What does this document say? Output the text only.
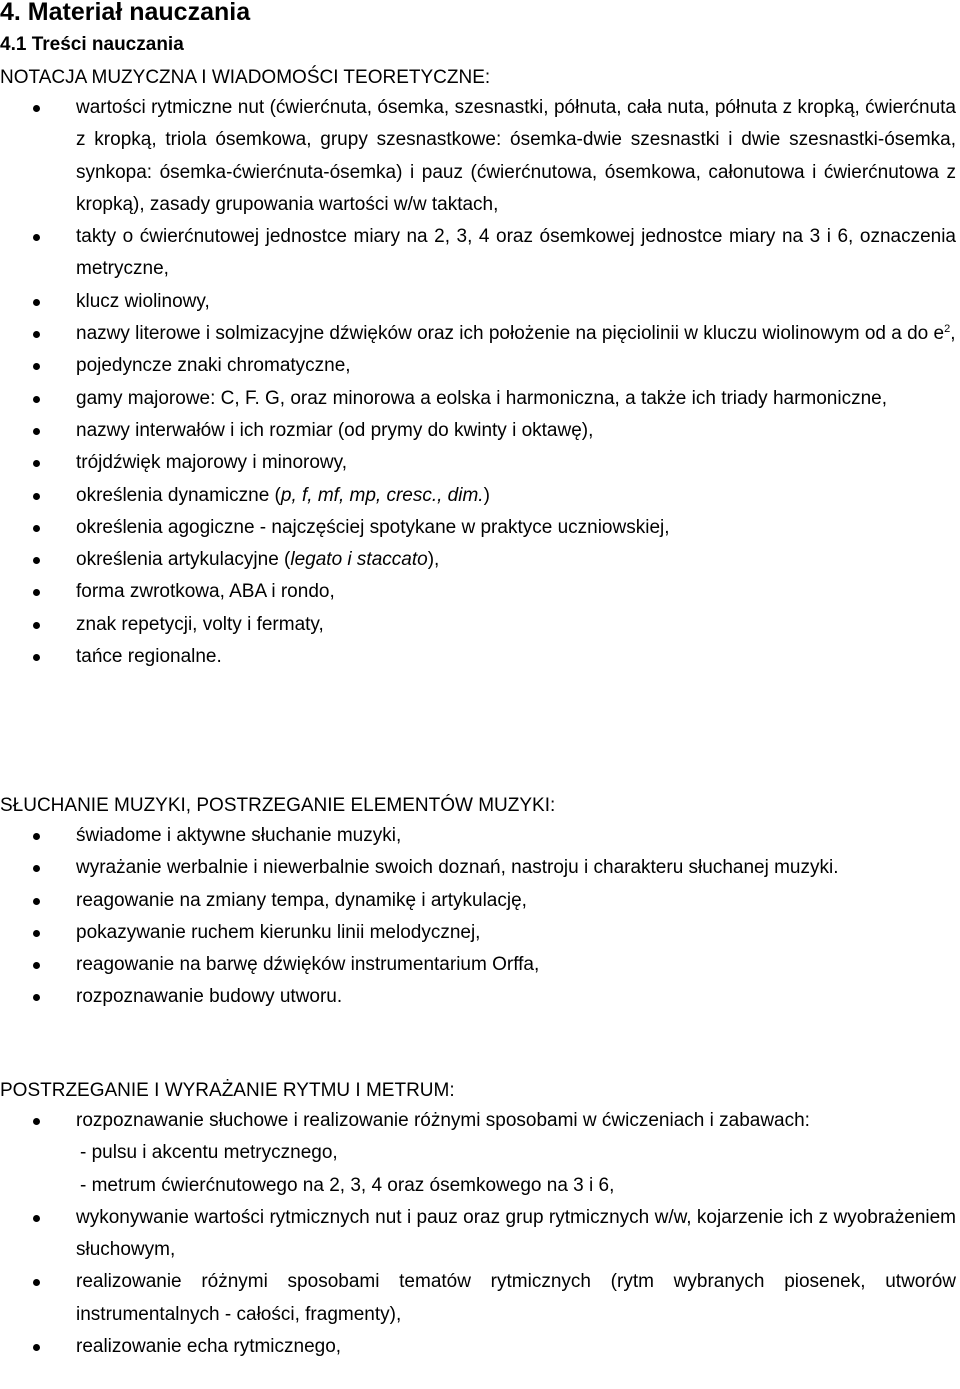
4. Materiał nauczania
4.1 Treści nauczania
NOTACJA MUZYCZNA I WIADOMOŚCI TEORETYCZNE:
wartości rytmiczne nut (ćwierćnuta, ósemka, szesnastki, półnuta, cała nuta, półnuta z kropką, ćwierćnuta z kropką, triola ósemkowa, grupy szesnastkowe: ósemka-dwie szesnastki i dwie szesnastki-ósemka, synkopa: ósemka-ćwierćnuta-ósemka) i pauz (ćwierćnutowa, ósemkowa, całonutowa i ćwierćnutowa z kropką), zasady grupowania wartości w/w taktach,
takty o ćwierćnutowej jednostce miary na 2, 3, 4 oraz ósemkowej jednostce miary na 3 i 6, oznaczenia metryczne,
klucz wiolinowy,
nazwy literowe i solmizacyjne dźwięków oraz ich położenie na pięciolinii w kluczu wiolinowym od a do $e^2$,
pojedyncze znaki chromatyczne,
gamy majorowe: C, F. G, oraz minorowa a eolska i harmoniczna, a także ich triady harmoniczne,
nazwy interwałów i ich rozmiar (od prymy do kwinty i oktawę),
trójdźwięk majorowy i minorowy,
określenia dynamiczne (p, f, mf, mp, cresc., dim.)
określenia agogiczne - najczęściej spotykane w praktyce uczniowskiej,
określenia artykulacyjne (legato i staccato),
forma zwrotkowa, ABA i rondo,
znak repetycji, volty i fermaty,
tańce regionalne.
SŁUCHANIE MUZYKI, POSTRZEGANIE ELEMENTÓW MUZYKI:
świadome i aktywne słuchanie muzyki,
wyrażanie werbalnie i niewerbalnie swoich doznań, nastroju i charakteru słuchanej muzyki.
reagowanie na zmiany tempa, dynamikę i artykulację,
pokazywanie ruchem kierunku linii melodycznej,
reagowanie na barwę dźwięków instrumentarium Orffa,
rozpoznawanie budowy utworu.
POSTRZEGANIE I WYRAŻANIE RYTMU I METRUM:
rozpoznawanie słuchowe i realizowanie różnymi sposobami w ćwiczeniach i zabawach:
- pulsu i akcentu metrycznego,
- metrum ćwierćnutowego na 2, 3, 4 oraz ósemkowego na 3 i 6,
wykonywanie wartości rytmicznych nut i pauz oraz grup rytmicznych w/w, kojarzenie ich z wyobrażeniem słuchowym,
realizowanie różnymi sposobami tematów rytmicznych (rytm wybranych piosenek, utworów instrumentalnych - całości, fragmenty),
realizowanie echa rytmicznego,
